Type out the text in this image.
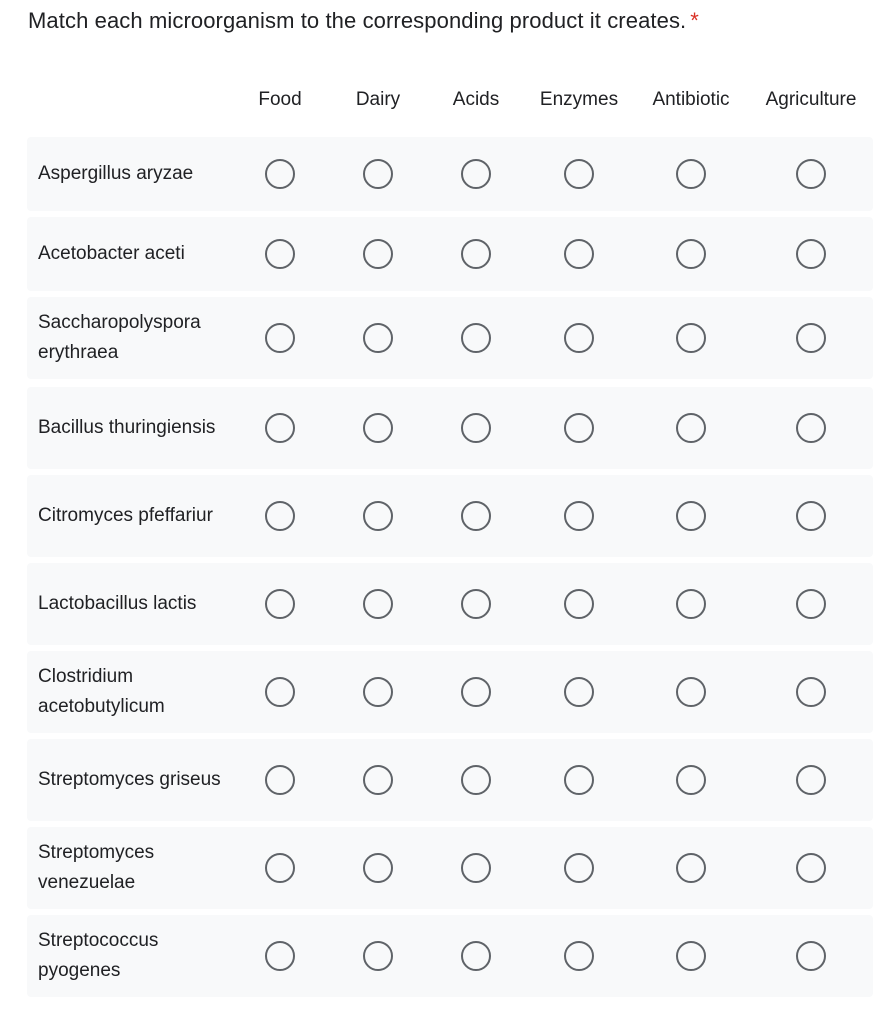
Match each microorganism to the corresponding product it creates. *
Food	Dairy	Acids Enzymes Antibiotic Agriculture
Aspergillus aryzae
Acetobacter aceti
Saccharopolyspora erythraea
Bacillus thuringiensis
Citromyces pfeffariur
Lactobacillus lactis
Clostridium acetobutylicum
Streptomyces griseus
Streptomyces venezuelae
Streptococcus pyogenes
